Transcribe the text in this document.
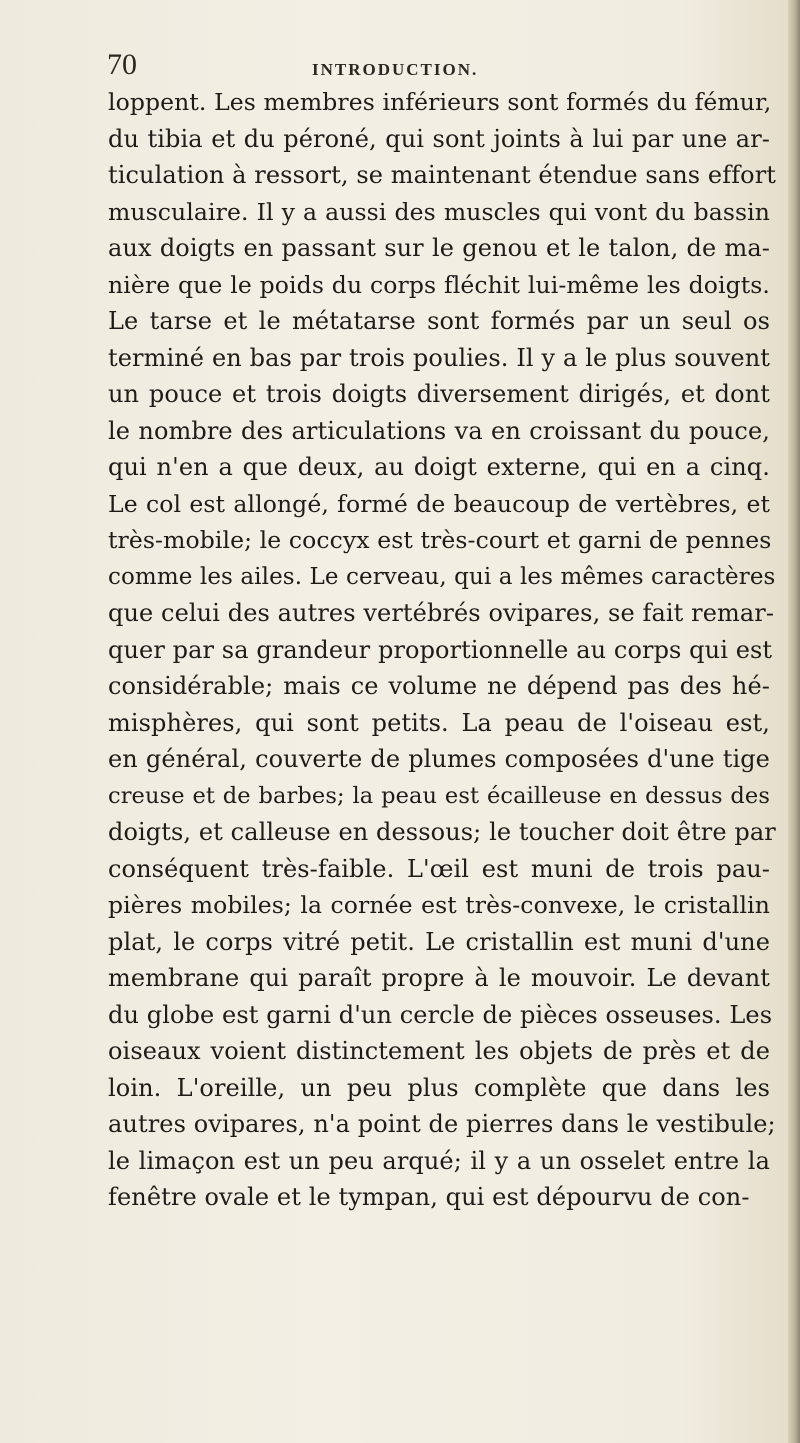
70	INTRODUCTION.
loppent. Les membres inférieurs sont formés du fémur,
du tibia et du péroné, qui sont joints à lui par une ar-
ticulation à ressort, se maintenant étendue sans effort
musculaire. Il y a aussi des muscles qui vont du bassin
aux doigts en passant sur le genou et le talon, de ma-
nière que le poids du corps fléchit lui-même les doigts.
Le tarse et le métatarse sont formés par un seul os
terminé en bas par trois poulies. Il y a le plus souvent
un pouce et trois doigts diversement dirigés, et dont
le nombre des articulations va en croissant du pouce,
qui n'en a que deux, au doigt externe, qui en a cinq.
Le col est allongé, formé de beaucoup de vertèbres, et
très-mobile; le coccyx est très-court et garni de pennes
comme les ailes. Le cerveau, qui a les mêmes caractères
que celui des autres vertébrés ovipares, se fait remar-
quer par sa grandeur proportionnelle au corps qui est
considérable; mais ce volume ne dépend pas des hé-
misphères, qui sont petits. La peau de l'oiseau est,
en général, couverte de plumes composées d'une tige
creuse et de barbes; la peau est écailleuse en dessus des
doigts, et calleuse en dessous; le toucher doit être par
conséquent très-faible. L'œil est muni de trois pau-
pières mobiles; la cornée est très-convexe, le cristallin
plat, le corps vitré petit. Le cristallin est muni d'une
membrane qui paraît propre à le mouvoir. Le devant
du globe est garni d'un cercle de pièces osseuses. Les
oiseaux voient distinctement les objets de près et de
loin. L'oreille, un peu plus complète que dans les
autres ovipares, n'a point de pierres dans le vestibule;
le limaçon est un peu arqué; il y a un osselet entre la
fenêtre ovale et le tympan, qui est dépourvu de con-
